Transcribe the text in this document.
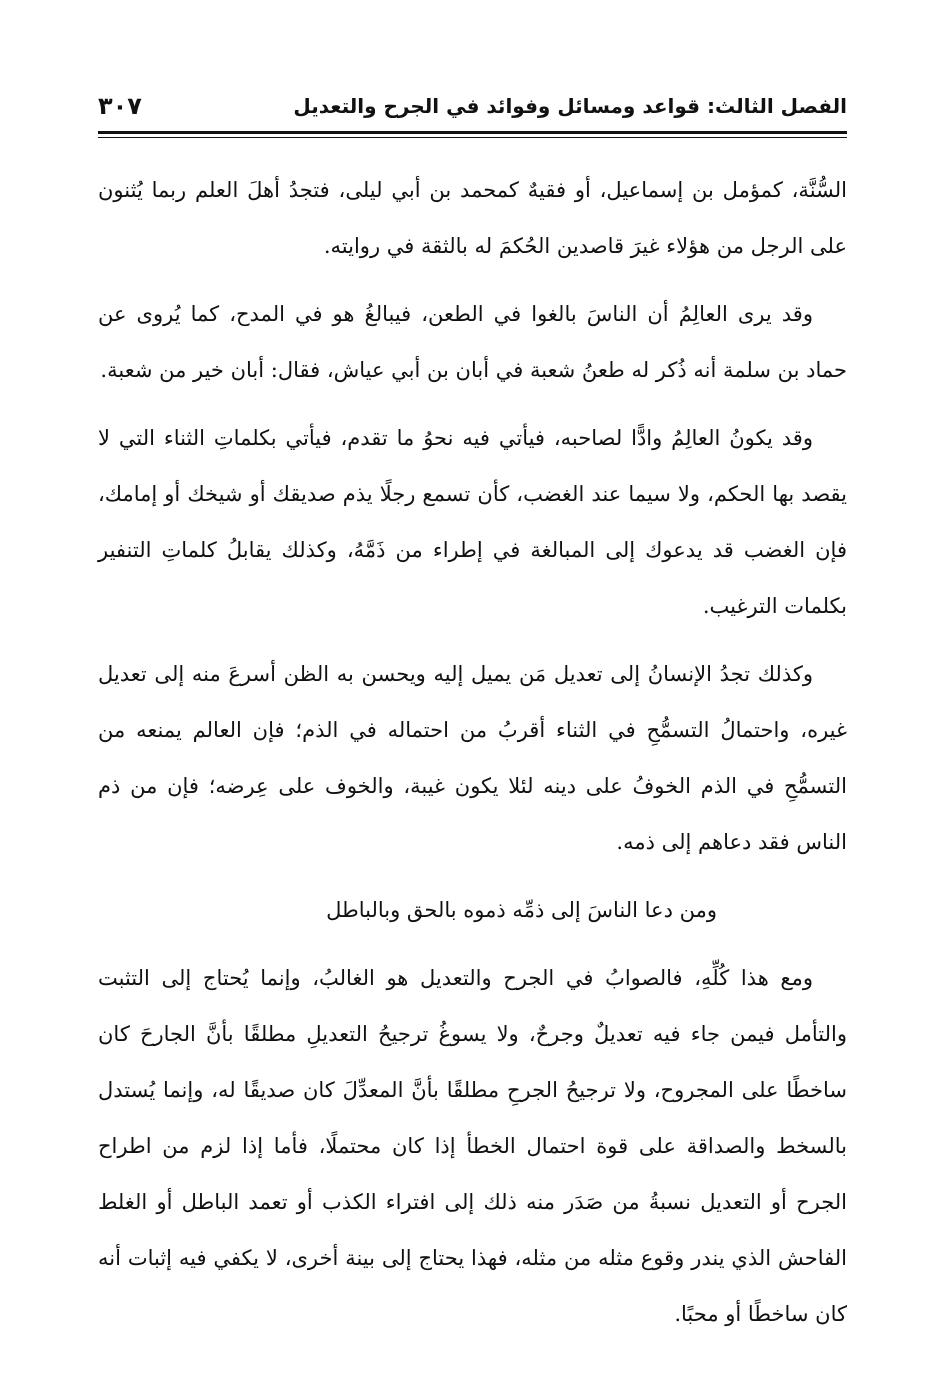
الفصل الثالث: قواعد ومسائل وفوائد في الجرح والتعديل
٣٠٧

السُّنَّة، كمؤمل بن إسماعيل، أو فقيهٌ كمحمد بن أبي ليلى، فتجدُ أهلَ العلم ربما يُثنون على الرجل من هؤلاء غيرَ قاصدين الحُكمَ له بالثقة في روايته.

وقد يرى العالِمُ أن الناسَ بالغوا في الطعن، فيبالغُ هو في المدح، كما يُروى عن حماد بن سلمة أنه ذُكر له طعنُ شعبة في أبان بن أبي عياش، فقال: أبان خير من شعبة.

وقد يكونُ العالِمُ وادًّا لصاحبه، فيأتي فيه نحوُ ما تقدم، فيأتي بكلماتِ الثناء التي لا يقصد بها الحكم، ولا سيما عند الغضب، كأن تسمع رجلًا يذم صديقك أو شيخك أو إمامك، فإن الغضب قد يدعوك إلى المبالغة في إطراء من ذَمَّهُ، وكذلك يقابلُ كلماتِ التنفير بكلمات الترغيب.

وكذلك تجدُ الإنسانُ إلى تعديل مَن يميل إليه ويحسن به الظن أسرعَ منه إلى تعديل غيره، واحتمالُ التسمُّحِ في الثناء أقربُ من احتماله في الذم؛ فإن العالم يمنعه من التسمُّحِ في الذم الخوفُ على دينه لئلا يكون غيبة، والخوف على عِرضه؛ فإن من ذم الناس فقد دعاهم إلى ذمه.

ومن دعا الناسَ إلى ذمِّه ذموه بالحق وبالباطل

ومع هذا كُلِّهِ، فالصوابُ في الجرح والتعديل هو الغالبُ، وإنما يُحتاج إلى التثبت والتأمل فيمن جاء فيه تعديلٌ وجرحٌ، ولا يسوغُ ترجيحُ التعديلِ مطلقًا بأنَّ الجارحَ كان ساخطًا على المجروح، ولا ترجيحُ الجرحِ مطلقًا بأنَّ المعدِّلَ كان صديقًا له، وإنما يُستدل بالسخط والصداقة على قوة احتمال الخطأ إذا كان محتملًا، فأما إذا لزم من اطراح الجرح أو التعديل نسبةُ من صَدَر منه ذلك إلى افتراء الكذب أو تعمد الباطل أو الغلط الفاحش الذي يندر وقوع مثله من مثله، فهذا يحتاج إلى بينة أخرى، لا يكفي فيه إثبات أنه كان ساخطًا أو محبًا.
